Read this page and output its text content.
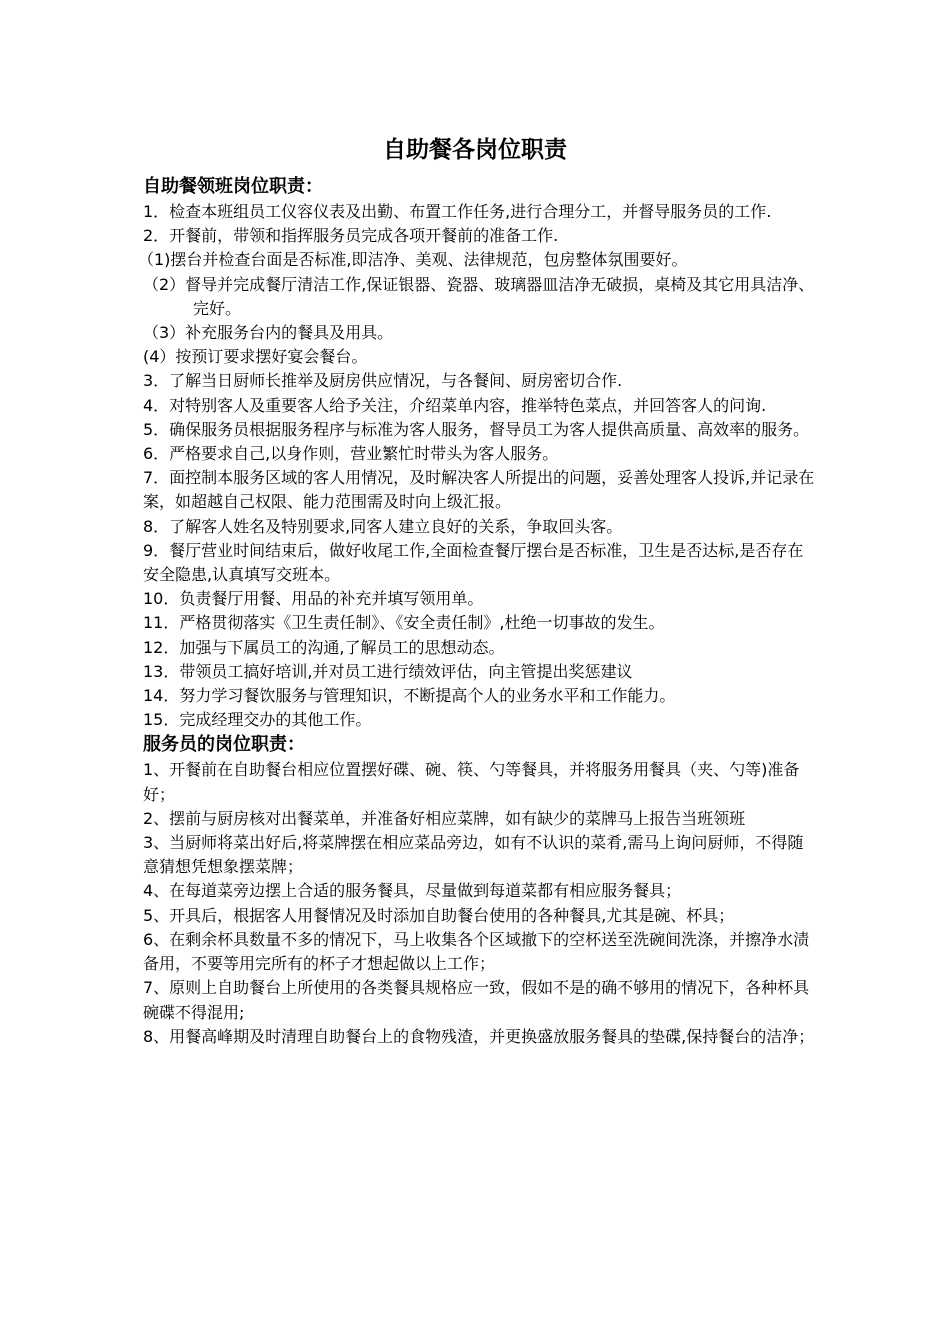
自助餐各岗位职责

自助餐领班岗位职责：

1．检查本班组员工仪容仪表及出勤、布置工作任务,进行合理分工，并督导服务员的工作.

2．开餐前，带领和指挥服务员完成各项开餐前的准备工作.

（1)摆台并检查台面是否标准,即洁净、美观、法律规范，包房整体氛围要好。

（2）督导并完成餐厅清洁工作,保证银器、瓷器、玻璃器皿洁净无破损，桌椅及其它用具洁净、完好。

（3）补充服务台内的餐具及用具。

(4）按预订要求摆好宴会餐台。

3．了解当日厨师长推举及厨房供应情况，与各餐间、厨房密切合作.

4．对特别客人及重要客人给予关注，介绍菜单内容，推举特色菜点，并回答客人的问询.

5．确保服务员根据服务程序与标准为客人服务，督导员工为客人提供高质量、高效率的服务。

6．严格要求自己,以身作则，营业繁忙时带头为客人服务。

7．面控制本服务区域的客人用情况，及时解决客人所提出的问题，妥善处理客人投诉,并记录在案，如超越自己权限、能力范围需及时向上级汇报。

8．了解客人姓名及特别要求,同客人建立良好的关系，争取回头客。

9．餐厅营业时间结束后，做好收尾工作,全面检查餐厅摆台是否标准，卫生是否达标,是否存在安全隐患,认真填写交班本。

10．负责餐厅用餐、用品的补充并填写领用单。

11．严格贯彻落实《卫生责任制》、《安全责任制》,杜绝一切事故的发生。

12．加强与下属员工的沟通,了解员工的思想动态。

13．带领员工搞好培训,并对员工进行绩效评估，向主管提出奖惩建议

14．努力学习餐饮服务与管理知识，不断提高个人的业务水平和工作能力。

15．完成经理交办的其他工作。

服务员的岗位职责：

1、开餐前在自助餐台相应位置摆好碟、碗、筷、勺等餐具，并将服务用餐具（夹、勺等)准备好；

2、摆前与厨房核对出餐菜单，并准备好相应菜牌，如有缺少的菜牌马上报告当班领班

3、当厨师将菜出好后,将菜牌摆在相应菜品旁边，如有不认识的菜肴,需马上询问厨师，不得随意猜想凭想象摆菜牌；

4、在每道菜旁边摆上合适的服务餐具，尽量做到每道菜都有相应服务餐具；

5、开具后，根据客人用餐情况及时添加自助餐台使用的各种餐具,尤其是碗、杯具；

6、在剩余杯具数量不多的情况下，马上收集各个区域撤下的空杯送至洗碗间洗涤，并擦净水渍备用，不要等用完所有的杯子才想起做以上工作；

7、原则上自助餐台上所使用的各类餐具规格应一致，假如不是的确不够用的情况下，各种杯具碗碟不得混用;

8、用餐高峰期及时清理自助餐台上的食物残渣，并更换盛放服务餐具的垫碟,保持餐台的洁净；
